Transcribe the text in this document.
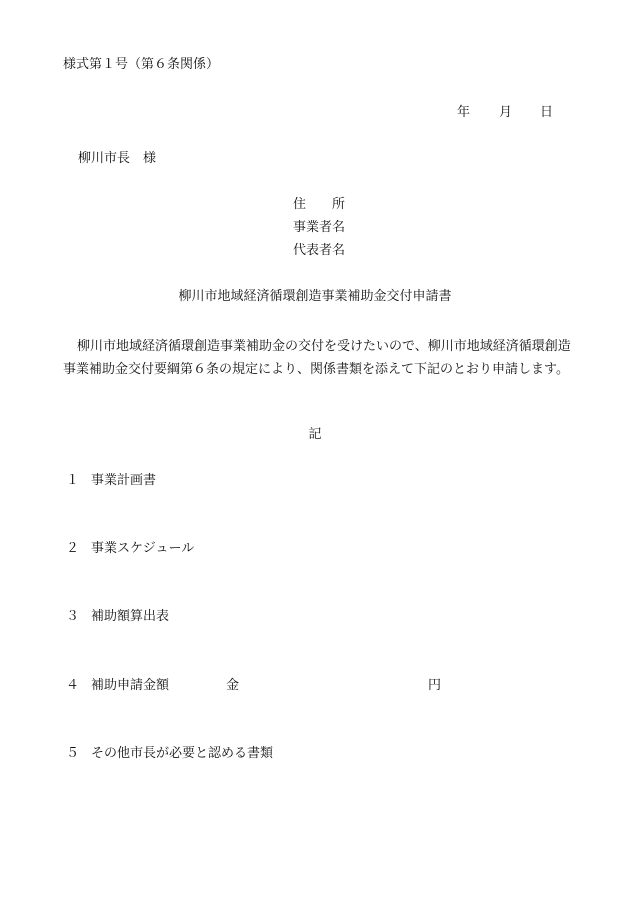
様式第１号（第６条関係）
年 月 日
柳川市長　様
住　　所
事業者名
代表者名
柳川市地域経済循環創造事業補助金交付申請書
柳川市地域経済循環創造事業補助金の交付を受けたいので、柳川市地域経済循環創造事業補助金交付要綱第６条の規定により、関係書類を添えて下記のとおり申請します。
記
１ 事業計画書
２ 事業スケジュール
３ 補助額算出表
４ 補助申請金額	金	円
５ その他市長が必要と認める書類
